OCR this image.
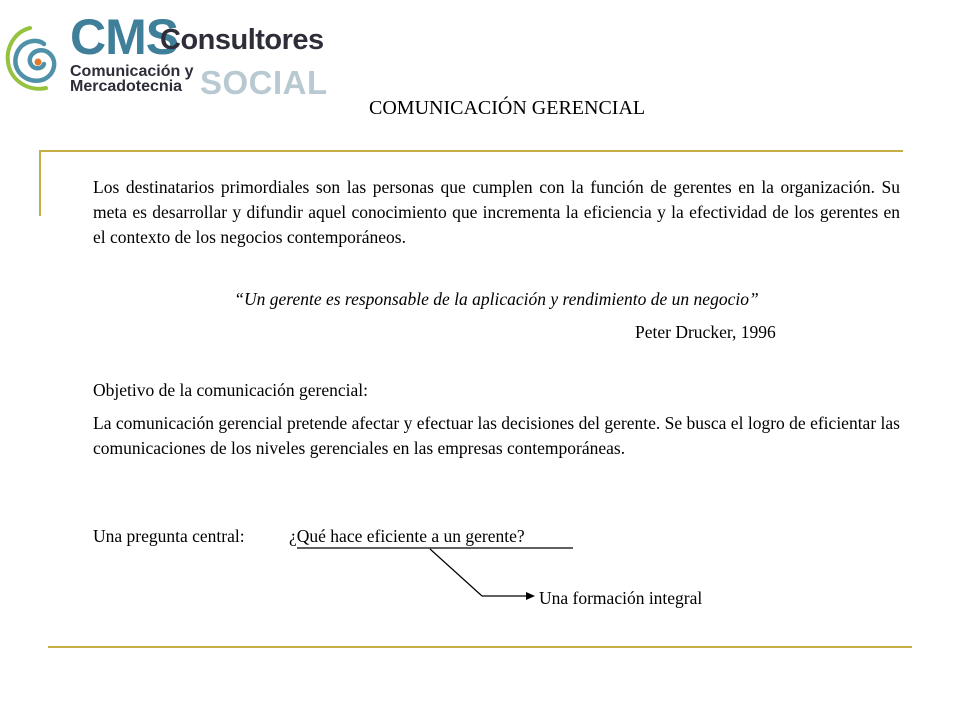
CMS
Consultores
Comunicación y
Mercadotecnia SOCIAL
COMUNICACIÓN GERENCIAL
Los destinatarios primordiales son las personas que cumplen con la función de gerentes en la organización. Su meta es desarrollar y difundir aquel conocimiento que incrementa la eficiencia y la efectividad de los gerentes en el contexto de los negocios contemporáneos.
“Un gerente es responsable de la aplicación y rendimiento de un negocio”
Peter Drucker, 1996
Objetivo de la comunicación gerencial:
La comunicación gerencial pretende afectar y efectuar las decisiones del gerente. Se busca el logro de eficientar las comunicaciones de los niveles gerenciales en las empresas contemporáneas.
Una pregunta central:	¿Qué hace eficiente a un gerente?
Una formación integral
